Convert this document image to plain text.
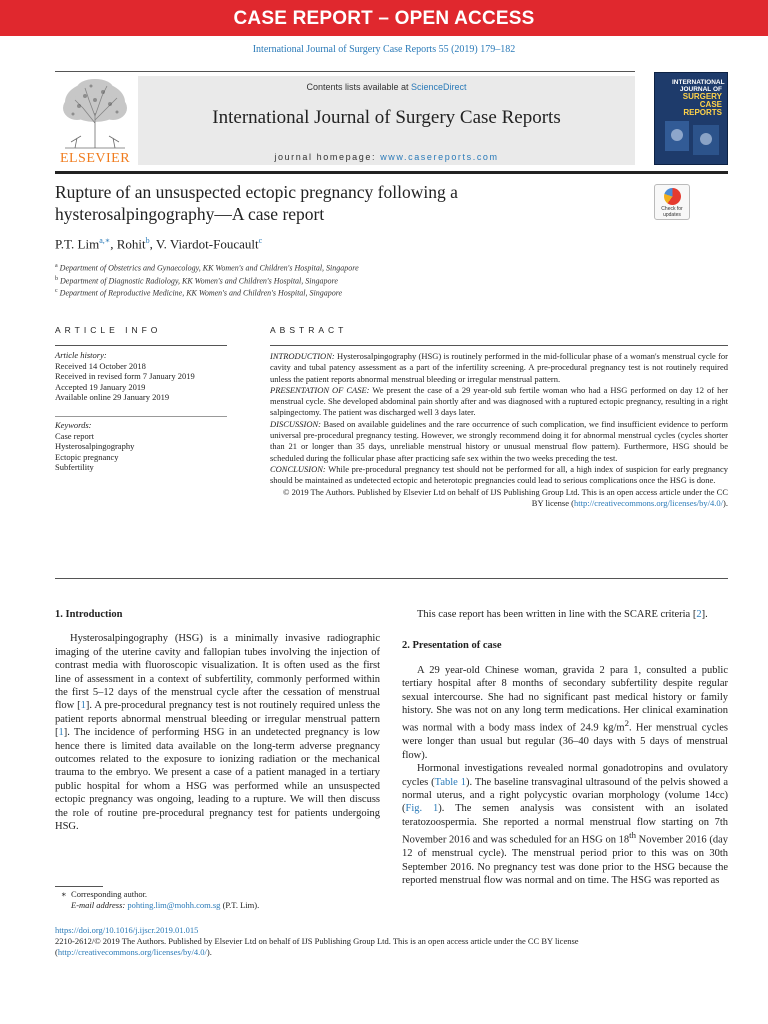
CASE REPORT – OPEN ACCESS
International Journal of Surgery Case Reports 55 (2019) 179–182
ELSEVIER
Contents lists available at ScienceDirect
International Journal of Surgery Case Reports
journal homepage: www.casereports.com
INTERNATIONAL
JOURNAL OF
SURGERY
CASE
REPORTS
Rupture of an unsuspected ectopic pregnancy following a hysterosalpingography—A case report	Check for
updates
P.T. Lim$^{a,∗}$, Rohit$^b$, V. Viardot-Foucault$^c$
$^a$ Department of Obstetrics and Gynaecology, KK Women's and Children's Hospital, Singapore
$^b$ Department of Diagnostic Radiology, KK Women's and Children's Hospital, Singapore
$^c$ Department of Reproductive Medicine, KK Women's and Children's Hospital, Singapore
ARTICLE INFO	ABSTRACT
Article history:
Received 14 October 2018
Received in revised form 7 January 2019
Accepted 19 January 2019
Available online 29 January 2019
Keywords:
Case report
Hysterosalpingography
Ectopic pregnancy
Subfertility

INTRODUCTION: Hysterosalpingography (HSG) is routinely performed in the mid-follicular phase of a woman's menstrual cycle for cavity and tubal patency assessment as a part of the infertility screening. A pre-procedural pregnancy test is not routinely required unless the patient reports abnormal menstrual bleeding or irregular menstrual pattern.

PRESENTATION OF CASE: We present the case of a 29 year-old sub fertile woman who had a HSG performed on day 12 of her menstrual cycle. She developed abdominal pain shortly after and was diagnosed with a ruptured ectopic pregnancy, resulting in a right salpingectomy. The patient was discharged well 3 days later.

DISCUSSION: Based on available guidelines and the rare occurrence of such complication, we find insufficient evidence to perform universal pre-procedural pregnancy testing. However, we strongly recommend doing it for abnormal menstrual cycles (cycles shorter than 21 or longer than 35 days, unreliable menstrual history or unusual menstrual flow pattern). Furthermore, HSG should be scheduled during the follicular phase after practicing safe sex within the two weeks preceding the test.

CONCLUSION: While pre-procedural pregnancy test should not be performed for all, a high index of suspicion for early pregnancy should be maintained as undetected ectopic and heterotopic pregnancies could lead to serious complications once the HSG is done.

© 2019 The Authors. Published by Elsevier Ltd on behalf of IJS Publishing Group Ltd. This is an open access article under the CC BY license (http://creativecommons.org/licenses/by/4.0/).

1. Introduction
Hysterosalpingography (HSG) is a minimally invasive radiographic imaging of the uterine cavity and fallopian tubes involving the injection of contrast media with fluoroscopic visualization. It is often used as the first line of assessment in a context of subfertility, commonly performed within the first 5–12 days of the menstrual cycle after the cessation of menstrual flow [1]. A pre-procedural pregnancy test is not routinely required unless the patient reports abnormal menstrual bleeding or irregular menstrual pattern [1]. The incidence of performing HSG in an undetected pregnancy is low hence there is limited data available on the long-term adverse pregnancy outcomes related to the exposure to ionizing radiation or the mechanical trauma to the embryo. We present a case of a patient managed in a tertiary public hospital for whom a HSG was performed while an unsuspected ectopic pregnancy was ongoing, leading to a rupture. We will then discuss the role of routine pre-procedural pregnancy test for patients undergoing HSG.
This case report has been written in line with the SCARE criteria [2].
2. Presentation of case
A 29 year-old Chinese woman, gravida 2 para 1, consulted a public tertiary hospital after 8 months of secondary subfertility despite regular sexual intercourse. She had no significant past medical history or family history. She was not on any long term medications. Her clinical examination was normal with a body mass index of 24.9 $kg/m^2$. Her menstrual cycles were longer than usual but regular (36–40 days with 5 days of menstrual flow).
Hormonal investigations revealed normal gonadotropins and ovulatory cycles (Table 1). The baseline transvaginal ultrasound of the pelvis showed a normal uterus, and a right polycystic ovarian morphology (volume 14cc) (Fig. 1). The semen analysis was consistent with an isolated teratozoospermia. She reported a normal menstrual flow starting on 7th November 2016 and was scheduled for an HSG on 18th November 2016 (day 12 of menstrual cycle). The menstrual period prior to this was on 30th September 2016. No pregnancy test was done prior to the HSG because the reported menstrual flow was normal and on time. The HSG was reported as
∗ Corresponding author.
E-mail address: pohting.lim@mohh.com.sg (P.T. Lim).
https://doi.org/10.1016/j.ijscr.2019.01.015
2210-2612/© 2019 The Authors. Published by Elsevier Ltd on behalf of IJS Publishing Group Ltd. This is an open access article under the CC BY license (http://creativecommons.org/licenses/by/4.0/).
